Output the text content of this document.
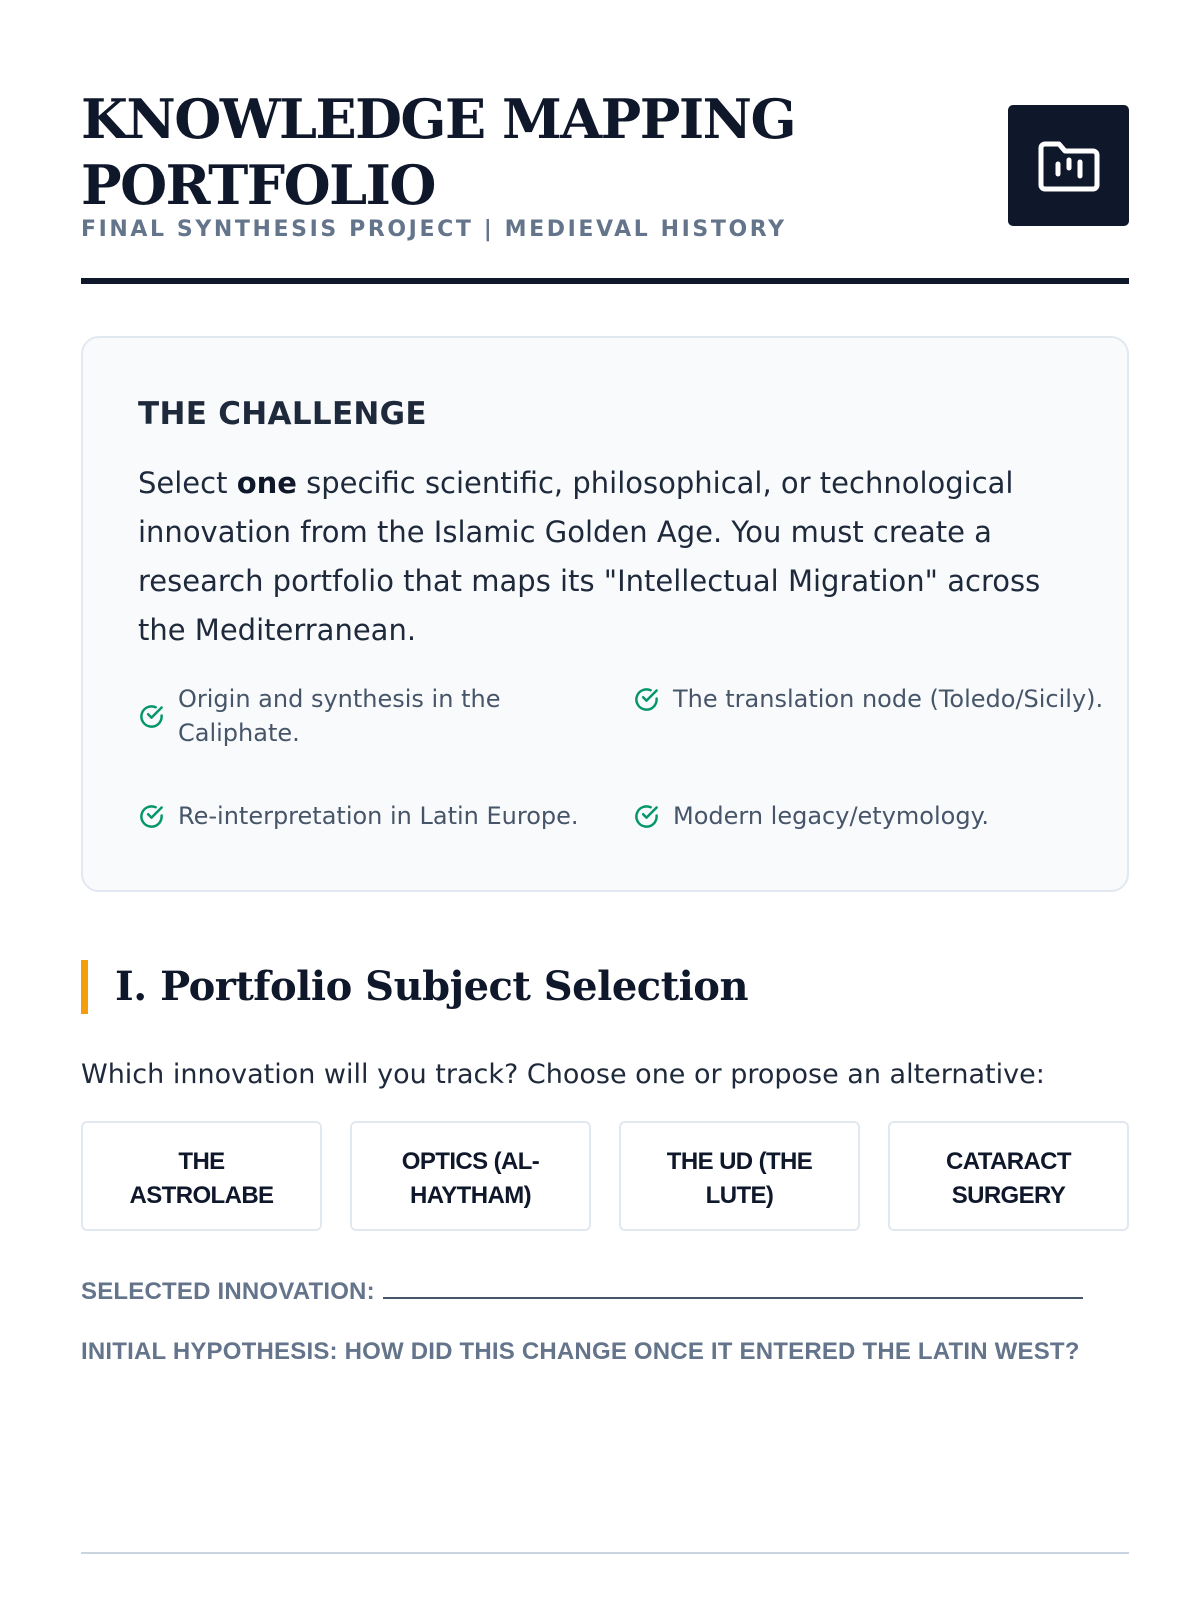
KNOWLEDGE MAPPING PORTFOLIO
FINAL SYNTHESIS PROJECT | MEDIEVAL HISTORY
THE CHALLENGE

Select one specific scientific, philosophical, or technological innovation from the Islamic Golden Age. You must create a research portfolio that maps its "Intellectual Migration" across the Mediterranean.

Origin and synthesis in the Caliphate.
The translation node (Toledo/Sicily).
Re-interpretation in Latin Europe.	Modern legacy/etymology.
I. Portfolio Subject Selection

Which innovation will you track? Choose one or propose an alternative:

THE ASTROLABE
OPTICS (AL-HAYTHAM)
THE UD (THE LUTE)
CATARACT SURGERY
SELECTED INNOVATION:
INITIAL HYPOTHESIS: HOW DID THIS CHANGE ONCE IT ENTERED THE LATIN WEST?
